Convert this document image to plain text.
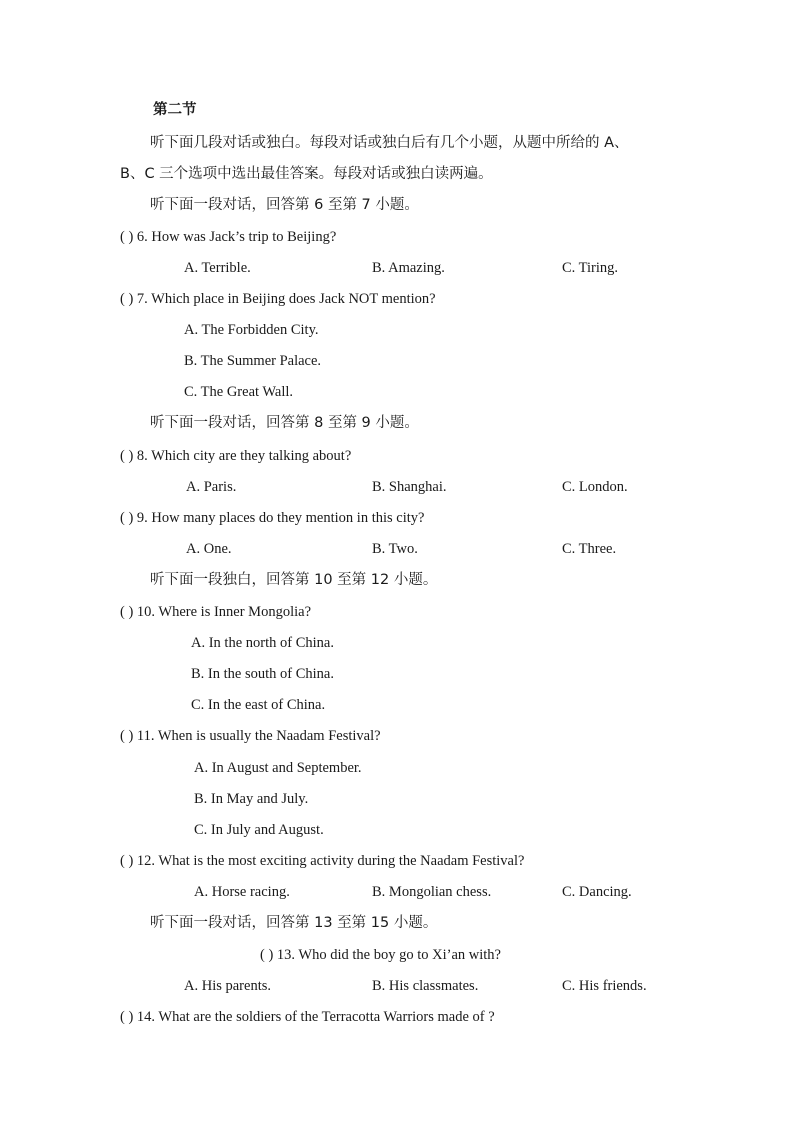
第二节
听下面几段对话或独白。每段对话或独白后有几个小题，从题中所给的 A、
B、C 三个选项中选出最佳答案。每段对话或独白读两遍。
听下面一段对话，回答第 6 至第 7 小题。
( ) 6. How was Jack’s trip to Beijing?
A. Terrible.	B. Amazing.	C. Tiring.
( ) 7. Which place in Beijing does Jack NOT mention?
A. The Forbidden City.
B. The Summer Palace.
C. The Great Wall.
听下面一段对话，回答第 8 至第 9 小题。
( ) 8. Which city are they talking about?
A. Paris.	B. Shanghai.	C. London.
( ) 9. How many places do they mention in this city?
A. One.	B. Two.	C. Three.
听下面一段独白，回答第 10 至第 12 小题。
( ) 10. Where is Inner Mongolia?
A. In the north of China.
B. In the south of China.
C. In the east of China.
( ) 11. When is usually the Naadam Festival?
A. In August and September.
B. In May and July.
C. In July and August.
( ) 12. What is the most exciting activity during the Naadam Festival?
A. Horse racing.	B. Mongolian chess.	C. Dancing.
听下面一段对话，回答第 13 至第 15 小题。
( ) 13. Who did the boy go to Xi’an with?
A. His parents.	B. His classmates.	C. His friends.
( ) 14. What are the soldiers of the Terracotta Warriors made of ?
